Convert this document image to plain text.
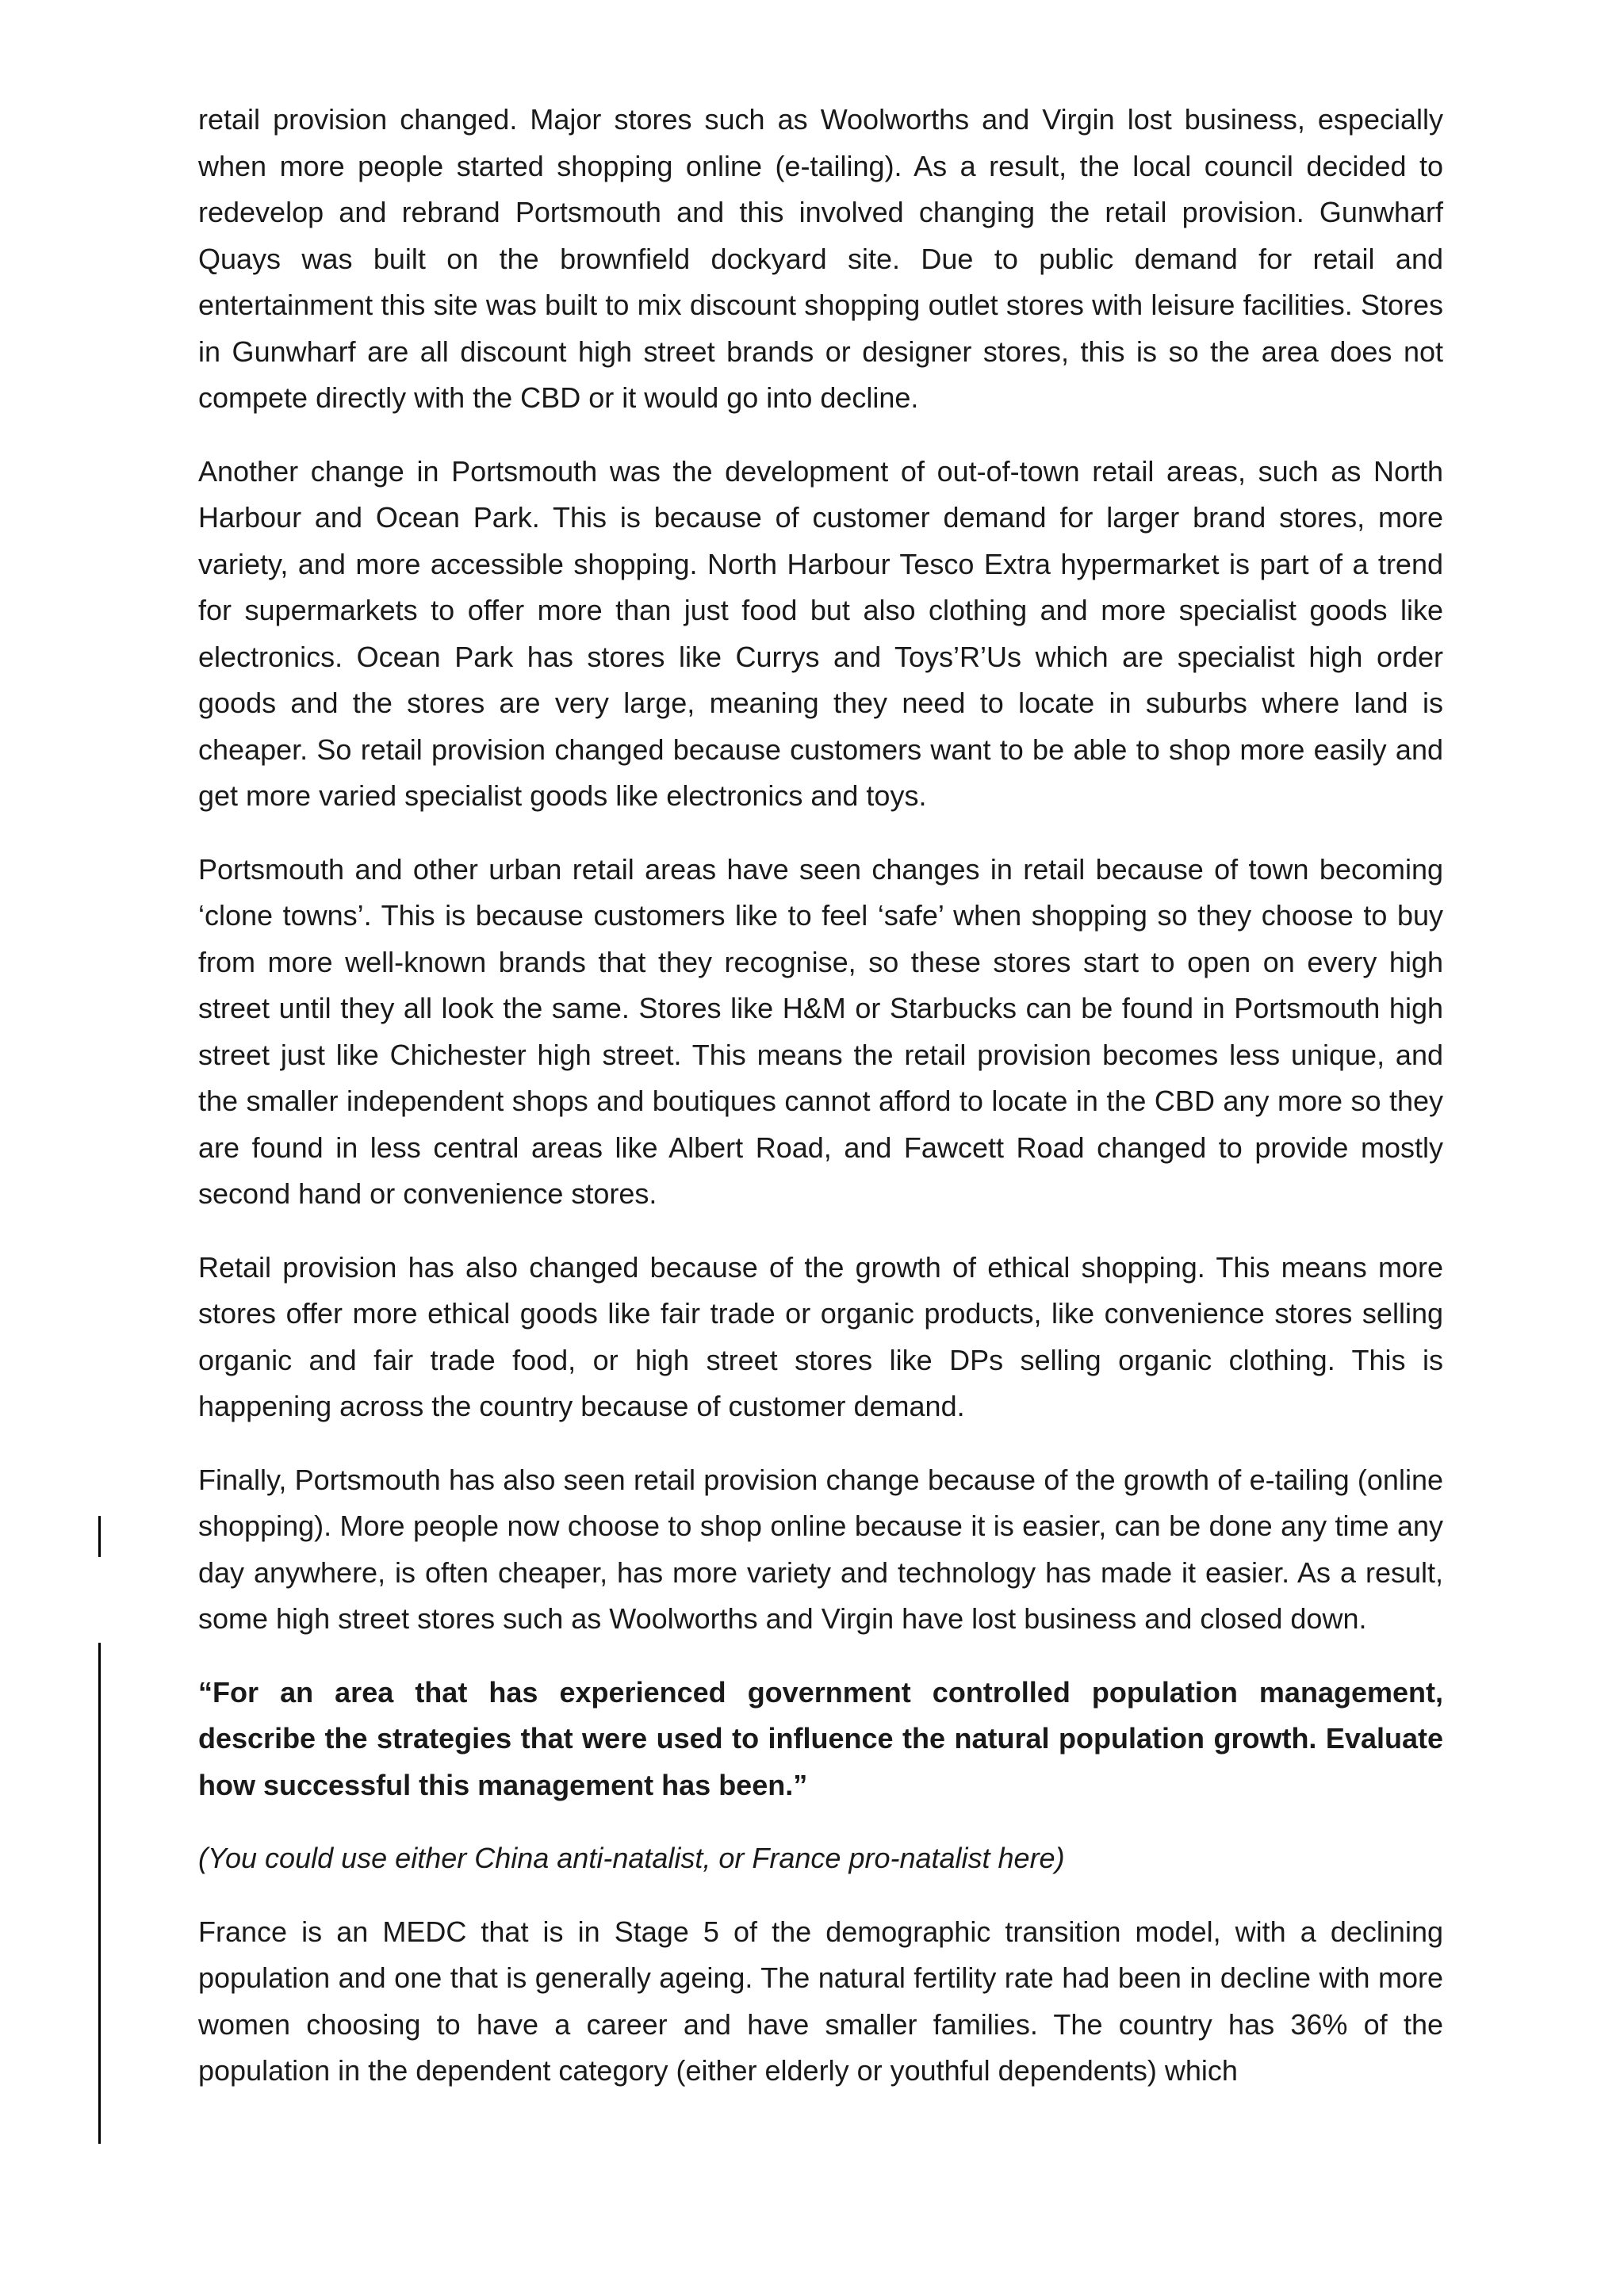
retail provision changed. Major stores such as Woolworths and Virgin lost business, especially when more people started shopping online (e-tailing). As a result, the local council decided to redevelop and rebrand Portsmouth and this involved changing the retail provision. Gunwharf Quays was built on the brownfield dockyard site. Due to public demand for retail and entertainment this site was built to mix discount shopping outlet stores with leisure facilities. Stores in Gunwharf are all discount high street brands or designer stores, this is so the area does not compete directly with the CBD or it would go into decline.

Another change in Portsmouth was the development of out-of-town retail areas, such as North Harbour and Ocean Park. This is because of customer demand for larger brand stores, more variety, and more accessible shopping. North Harbour Tesco Extra hypermarket is part of a trend for supermarkets to offer more than just food but also clothing and more specialist goods like electronics. Ocean Park has stores like Currys and Toys’R’Us which are specialist high order goods and the stores are very large, meaning they need to locate in suburbs where land is cheaper. So retail provision changed because customers want to be able to shop more easily and get more varied specialist goods like electronics and toys.

Portsmouth and other urban retail areas have seen changes in retail because of town becoming ‘clone towns’. This is because customers like to feel ‘safe’ when shopping so they choose to buy from more well-known brands that they recognise, so these stores start to open on every high street until they all look the same. Stores like H&M or Starbucks can be found in Portsmouth high street just like Chichester high street. This means the retail provision becomes less unique, and the smaller independent shops and boutiques cannot afford to locate in the CBD any more so they are found in less central areas like Albert Road, and Fawcett Road changed to provide mostly second hand or convenience stores.

Retail provision has also changed because of the growth of ethical shopping. This means more stores offer more ethical goods like fair trade or organic products, like convenience stores selling organic and fair trade food, or high street stores like DPs selling organic clothing. This is happening across the country because of customer demand.

Finally, Portsmouth has also seen retail provision change because of the growth of e-tailing (online shopping). More people now choose to shop online because it is easier, can be done any time any day anywhere, is often cheaper, has more variety and technology has made it easier. As a result, some high street stores such as Woolworths and Virgin have lost business and closed down.

“For an area that has experienced government controlled population management, describe the strategies that were used to influence the natural population growth. Evaluate how successful this management has been.”

(You could use either China anti-natalist, or France pro-natalist here)

France is an MEDC that is in Stage 5 of the demographic transition model, with a declining population and one that is generally ageing. The natural fertility rate had been in decline with more women choosing to have a career and have smaller families. The country has 36% of the population in the dependent category (either elderly or youthful dependents) which
